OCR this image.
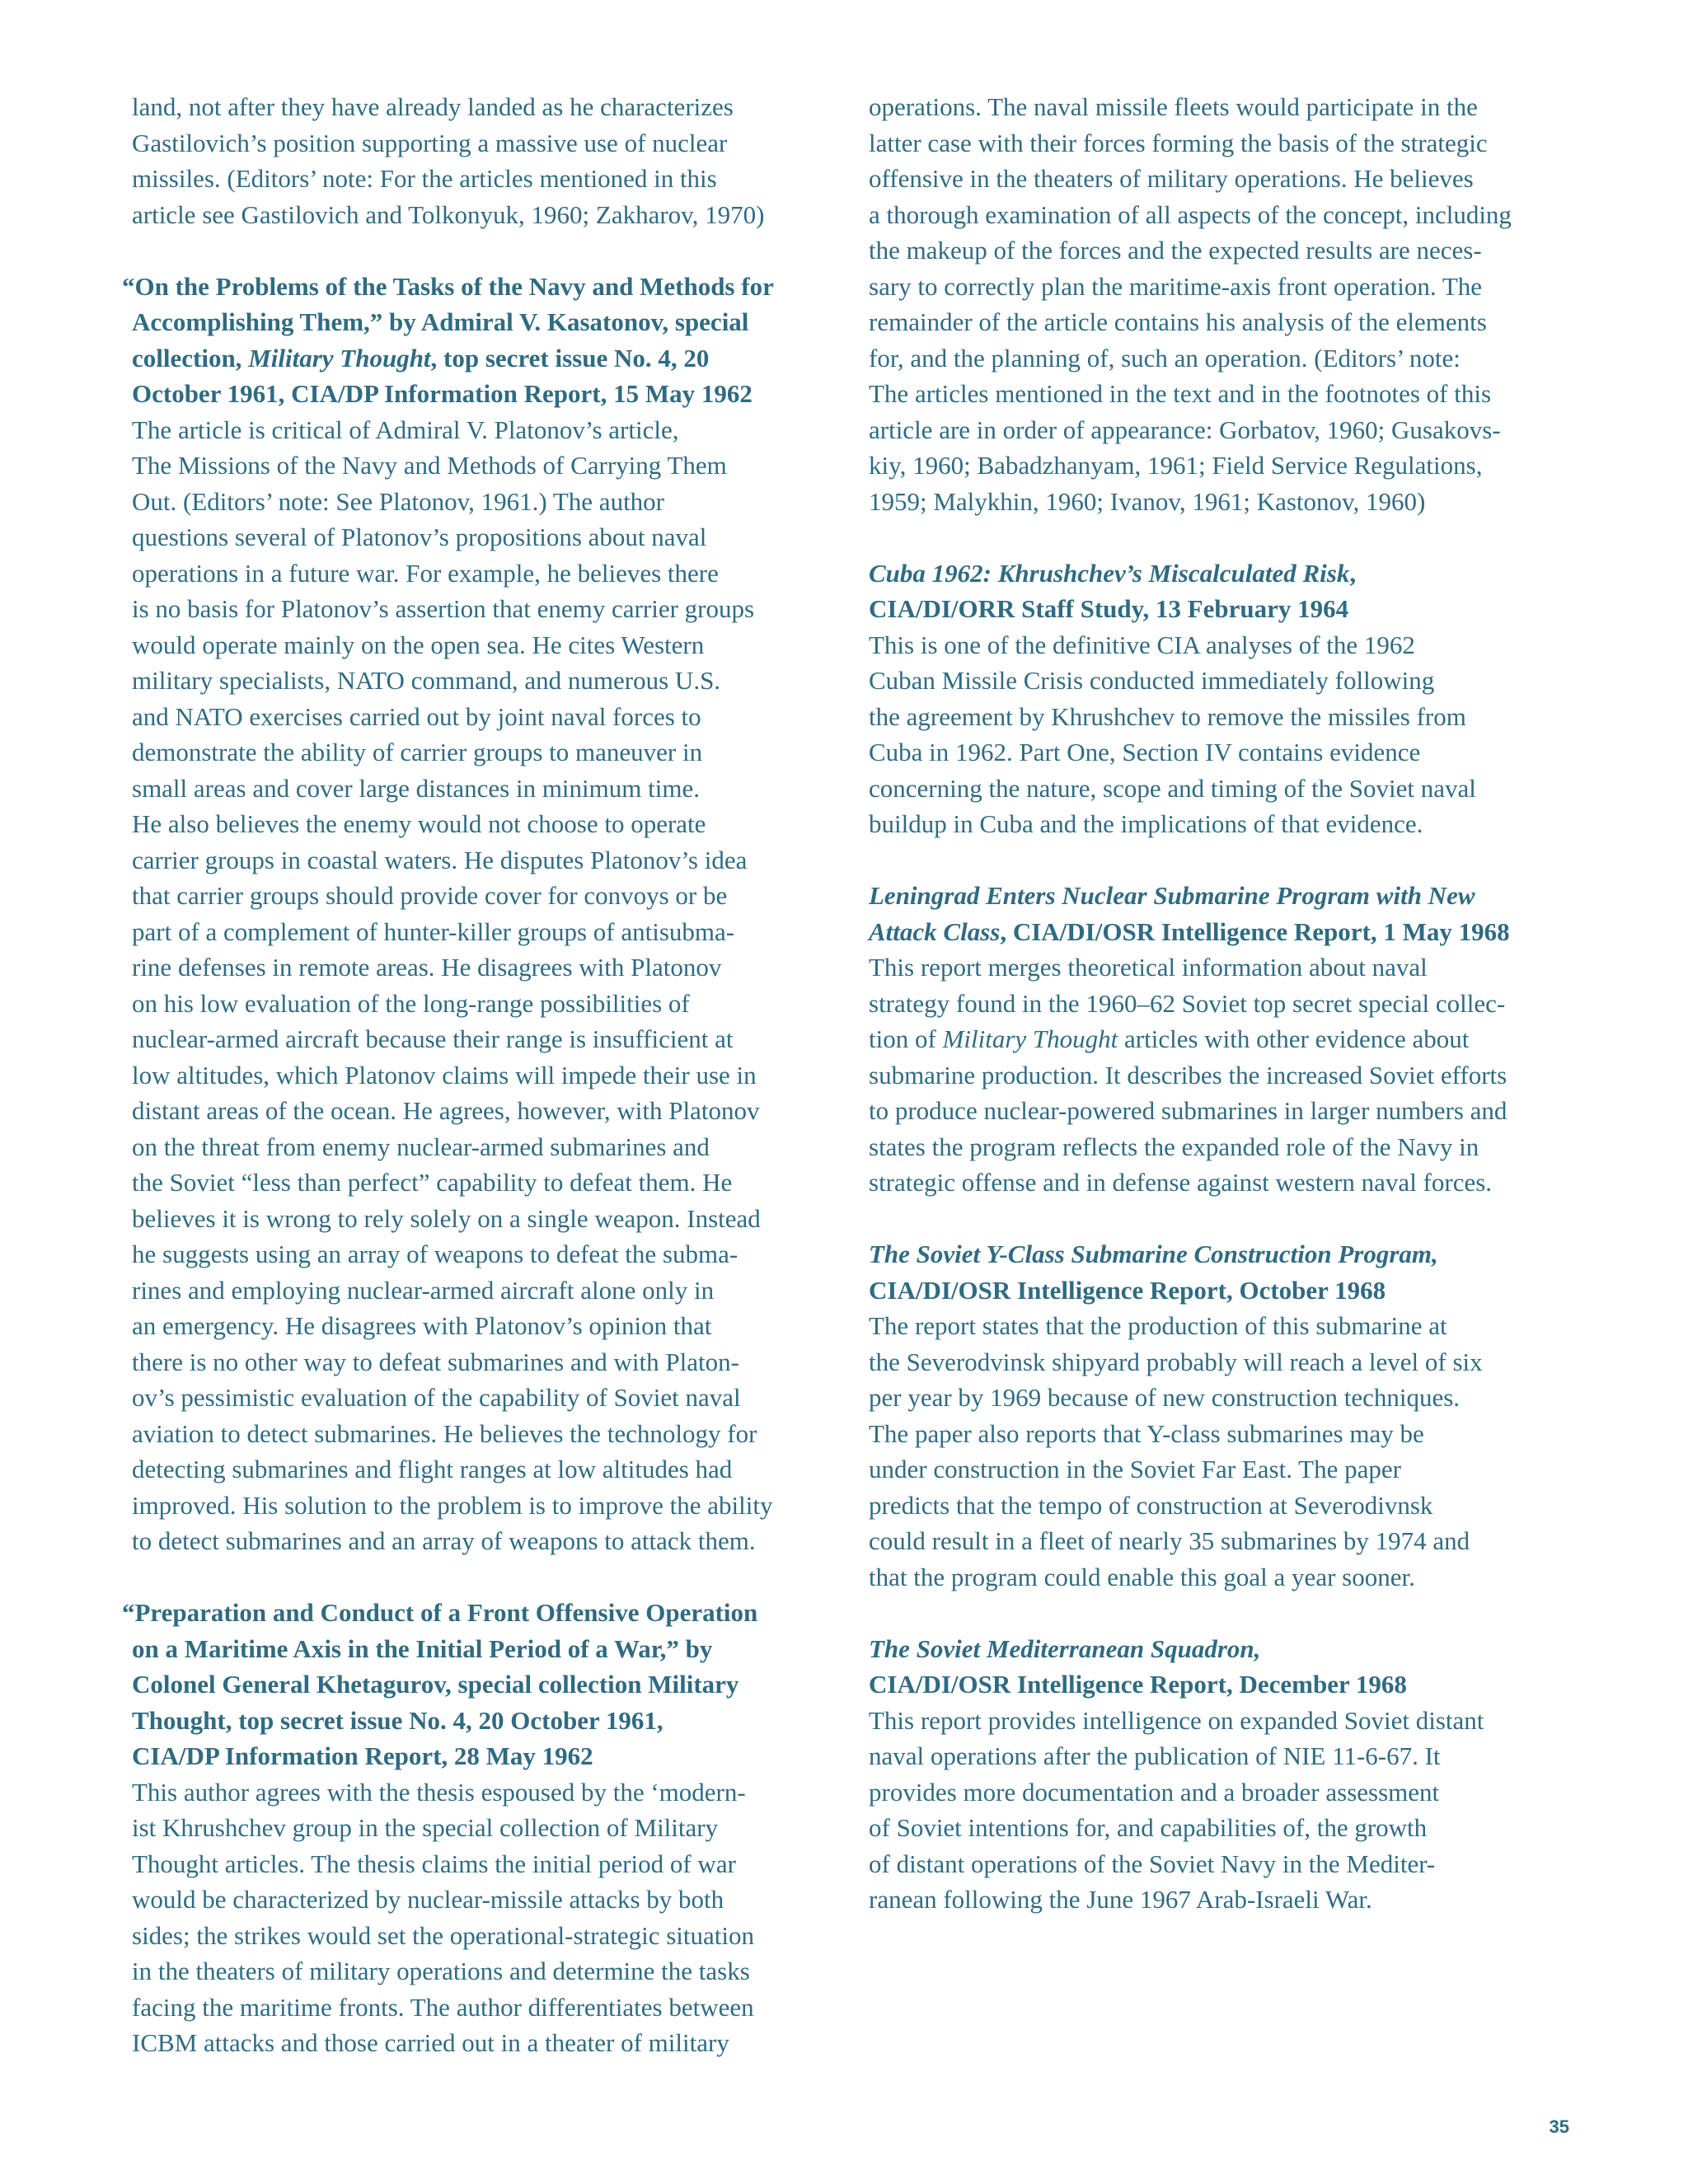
land, not after they have already landed as he characterizes
Gastilovich’s position supporting a massive use of nuclear
missiles. (Editors’ note: For the articles mentioned in this
article see Gastilovich and Tolkonyuk, 1960; Zakharov, 1970)
“On the Problems of the Tasks of the Navy and Methods for
Accomplishing Them,” by Admiral V. Kasatonov, special
collection, Military Thought, top secret issue No. 4, 20
October 1961, CIA/DP Information Report, 15 May 1962
The article is critical of Admiral V. Platonov’s article,
The Missions of the Navy and Methods of Carrying Them
Out. (Editors’ note: See Platonov, 1961.) The author
questions several of Platonov’s propositions about naval
operations in a future war. For example, he believes there
is no basis for Platonov’s assertion that enemy carrier groups
would operate mainly on the open sea. He cites Western
military specialists, NATO command, and numerous U.S.
and NATO exercises carried out by joint naval forces to
demonstrate the ability of carrier groups to maneuver in
small areas and cover large distances in minimum time.
He also believes the enemy would not choose to operate
carrier groups in coastal waters. He disputes Platonov’s idea
that carrier groups should provide cover for convoys or be
part of a complement of hunter-killer groups of antisubma-
rine defenses in remote areas. He disagrees with Platonov
on his low evaluation of the long-range possibilities of
nuclear-armed aircraft because their range is insufficient at
low altitudes, which Platonov claims will impede their use in
distant areas of the ocean. He agrees, however, with Platonov
on the threat from enemy nuclear-armed submarines and
the Soviet “less than perfect” capability to defeat them. He
believes it is wrong to rely solely on a single weapon. Instead
he suggests using an array of weapons to defeat the subma-
rines and employing nuclear-armed aircraft alone only in
an emergency. He disagrees with Platonov’s opinion that
there is no other way to defeat submarines and with Platon-
ov’s pessimistic evaluation of the capability of Soviet naval
aviation to detect submarines. He believes the technology for
detecting submarines and flight ranges at low altitudes had
improved. His solution to the problem is to improve the ability
to detect submarines and an array of weapons to attack them.
“Preparation and Conduct of a Front Offensive Operation
on a Maritime Axis in the Initial Period of a War,” by
Colonel General Khetagurov, special collection Military
Thought, top secret issue No. 4, 20 October 1961,
CIA/DP Information Report, 28 May 1962
This author agrees with the thesis espoused by the ‘modern-
ist Khrushchev group in the special collection of Military
Thought articles. The thesis claims the initial period of war
would be characterized by nuclear-missile attacks by both
sides; the strikes would set the operational-strategic situation
in the theaters of military operations and determine the tasks
facing the maritime fronts. The author differentiates between
ICBM attacks and those carried out in a theater of military
operations. The naval missile fleets would participate in the
latter case with their forces forming the basis of the strategic
offensive in the theaters of military operations. He believes
a thorough examination of all aspects of the concept, including
the makeup of the forces and the expected results are neces-
sary to correctly plan the maritime-axis front operation. The
remainder of the article contains his analysis of the elements
for, and the planning of, such an operation. (Editors’ note:
The articles mentioned in the text and in the footnotes of this
article are in order of appearance: Gorbatov, 1960; Gusakovs-
kiy, 1960; Babadzhanyam, 1961; Field Service Regulations,
1959; Malykhin, 1960; Ivanov, 1961; Kastonov, 1960)
Cuba 1962: Khrushchev’s Miscalculated Risk,
CIA/DI/ORR Staff Study, 13 February 1964
This is one of the definitive CIA analyses of the 1962
Cuban Missile Crisis conducted immediately following
the agreement by Khrushchev to remove the missiles from
Cuba in 1962. Part One, Section IV contains evidence
concerning the nature, scope and timing of the Soviet naval
buildup in Cuba and the implications of that evidence.
Leningrad Enters Nuclear Submarine Program with New
Attack Class, CIA/DI/OSR Intelligence Report, 1 May 1968
This report merges theoretical information about naval
strategy found in the 1960–62 Soviet top secret special collec-
tion of Military Thought articles with other evidence about
submarine production. It describes the increased Soviet efforts
to produce nuclear-powered submarines in larger numbers and
states the program reflects the expanded role of the Navy in
strategic offense and in defense against western naval forces.
The Soviet Y-Class Submarine Construction Program,
CIA/DI/OSR Intelligence Report, October 1968
The report states that the production of this submarine at
the Severodvinsk shipyard probably will reach a level of six
per year by 1969 because of new construction techniques.
The paper also reports that Y-class submarines may be
under construction in the Soviet Far East. The paper
predicts that the tempo of construction at Severodivnsk
could result in a fleet of nearly 35 submarines by 1974 and
that the program could enable this goal a year sooner.
The Soviet Mediterranean Squadron,
CIA/DI/OSR Intelligence Report, December 1968
This report provides intelligence on expanded Soviet distant
naval operations after the publication of NIE 11-6-67. It
provides more documentation and a broader assessment
of Soviet intentions for, and capabilities of, the growth
of distant operations of the Soviet Navy in the Mediter-
ranean following the June 1967 Arab-Israeli War.
35
